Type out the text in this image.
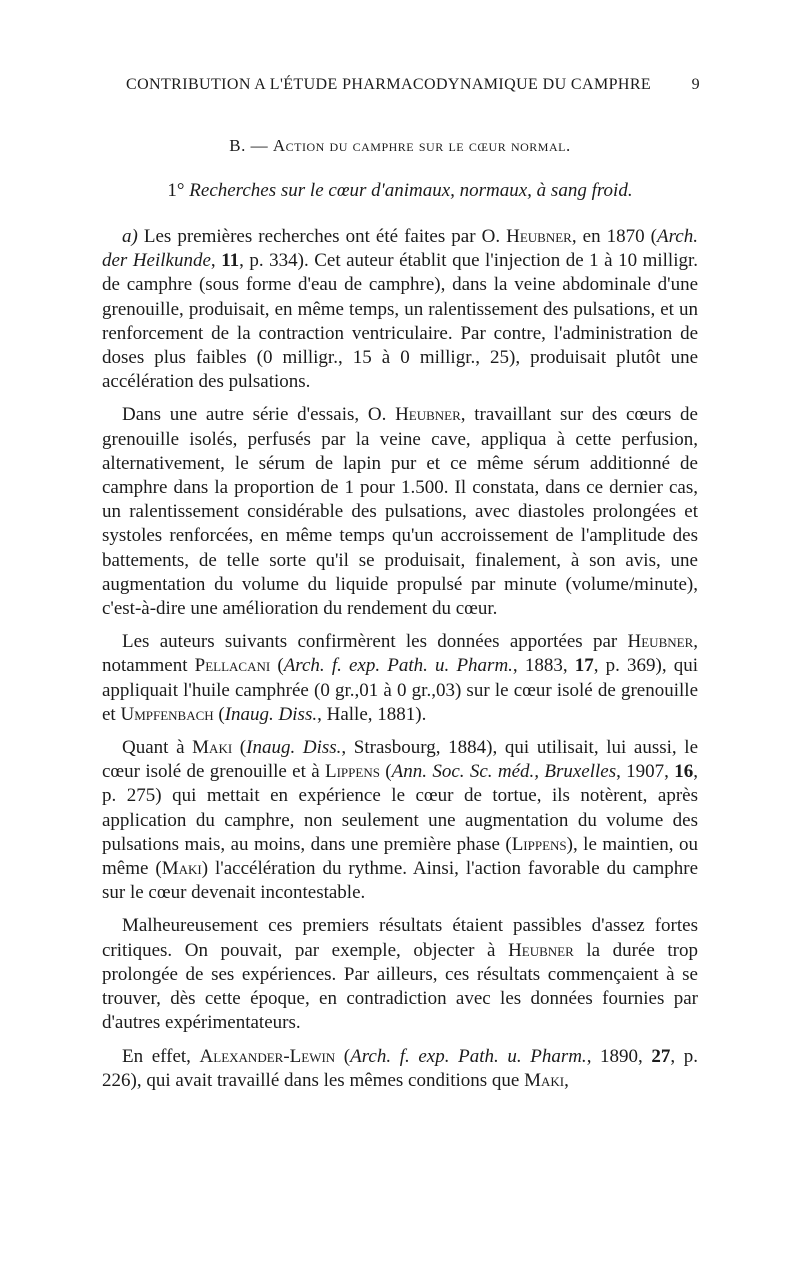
CONTRIBUTION A L'ÉTUDE PHARMACODYNAMIQUE DU CAMPHRE	9
B. — Action du camphre sur le cœur normal.
1° Recherches sur le cœur d'animaux, normaux, à sang froid.

a) Les premières recherches ont été faites par O. Heubner, en 1870 (Arch. der Heilkunde, 11, p. 334). Cet auteur établit que l'injection de 1 à 10 milligr. de camphre (sous forme d'eau de camphre), dans la veine abdominale d'une grenouille, produisait, en même temps, un ralentissement des pulsations, et un renforcement de la contraction ventriculaire. Par contre, l'administration de doses plus faibles (0 milligr., 15 à 0 milligr., 25), produisait plutôt une accélération des pulsations.

Dans une autre série d'essais, O. Heubner, travaillant sur des cœurs de grenouille isolés, perfusés par la veine cave, appliqua à cette perfusion, alternativement, le sérum de lapin pur et ce même sérum additionné de camphre dans la proportion de 1 pour 1.500. Il constata, dans ce dernier cas, un ralentissement considérable des pulsations, avec diastoles prolongées et systoles renforcées, en même temps qu'un accroissement de l'amplitude des battements, de telle sorte qu'il se produisait, finalement, à son avis, une augmentation du volume du liquide propulsé par minute (volume/minute), c'est-à-dire une amélioration du rendement du cœur.

Les auteurs suivants confirmèrent les données apportées par Heubner, notamment Pellacani (Arch. f. exp. Path. u. Pharm., 1883, 17, p. 369), qui appliquait l'huile camphrée (0 gr.,01 à 0 gr.,03) sur le cœur isolé de grenouille et Umpfenbach (Inaug. Diss., Halle, 1881).

Quant à Maki (Inaug. Diss., Strasbourg, 1884), qui utilisait, lui aussi, le cœur isolé de grenouille et à Lippens (Ann. Soc. Sc. méd., Bruxelles, 1907, 16, p. 275) qui mettait en expérience le cœur de tortue, ils notèrent, après application du camphre, non seulement une augmentation du volume des pulsations mais, au moins, dans une première phase (Lippens), le maintien, ou même (Maki) l'accélération du rythme. Ainsi, l'action favorable du camphre sur le cœur devenait incontestable.

Malheureusement ces premiers résultats étaient passibles d'assez fortes critiques. On pouvait, par exemple, objecter à Heubner la durée trop prolongée de ses expériences. Par ailleurs, ces résultats commençaient à se trouver, dès cette époque, en contradiction avec les données fournies par d'autres expérimentateurs.

En effet, Alexander-Lewin (Arch. f. exp. Path. u. Pharm., 1890, 27, p. 226), qui avait travaillé dans les mêmes conditions que Maki,
